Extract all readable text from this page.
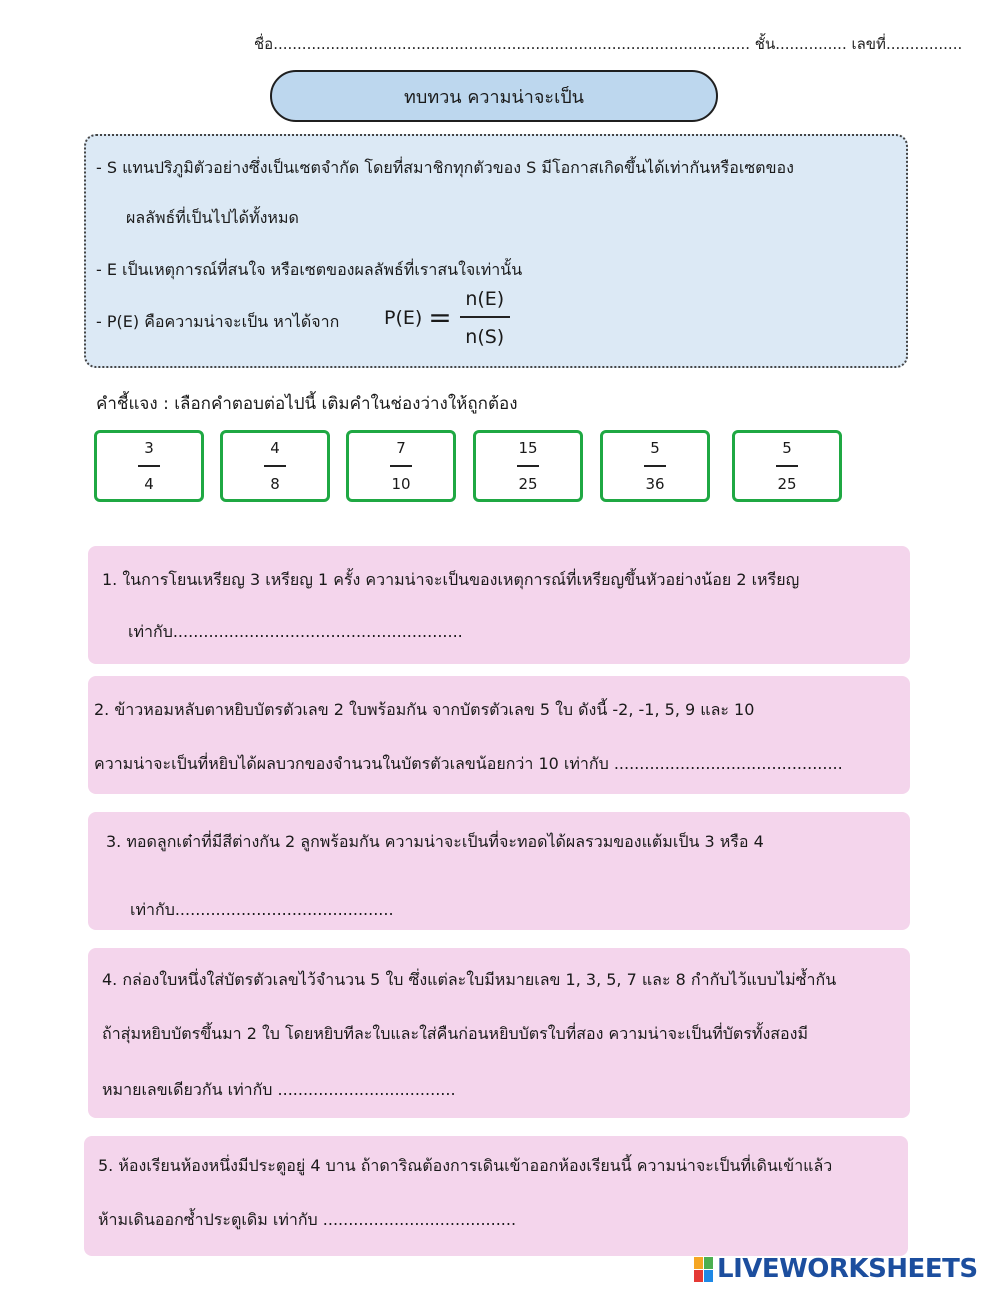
ชื่อ.................................................................................................... ชั้น............... เลขที่................
ทบทวน ความน่าจะเป็น
- S แทนปริภูมิตัวอย่างซึ่งเป็นเซตจำกัด โดยที่สมาชิกทุกตัวของ S มีโอกาสเกิดขึ้นได้เท่ากันหรือเซตของ
ผลลัพธ์ที่เป็นไปได้ทั้งหมด
- E เป็นเหตุการณ์ที่สนใจ หรือเซตของผลลัพธ์ที่เราสนใจเท่านั้น
- P(E) คือความน่าจะเป็น หาได้จาก $P(E) = \frac{n(E)}{n(S)}$
คำชี้แจง : เลือกคำตอบต่อไปนี้ เติมคำในช่องว่างให้ถูกต้อง
3
4
4
8
7
10
15
25
5
36
5
25
1. ในการโยนเหรียญ 3 เหรียญ 1 ครั้ง ความน่าจะเป็นของเหตุการณ์ที่เหรียญขึ้นหัวอย่างน้อย 2 เหรียญ
เท่ากับ.........................................................
2. ข้าวหอมหลับตาหยิบบัตรตัวเลข 2 ใบพร้อมกัน จากบัตรตัวเลข 5 ใบ ดังนี้ -2, -1, 5, 9 และ 10
ความน่าจะเป็นที่หยิบได้ผลบวกของจำนวนในบัตรตัวเลขน้อยกว่า 10 เท่ากับ .............................................
3. ทอดลูกเต๋าที่มีสีต่างกัน 2 ลูกพร้อมกัน ความน่าจะเป็นที่จะทอดได้ผลรวมของแต้มเป็น 3 หรือ 4
เท่ากับ...........................................
4. กล่องใบหนึ่งใส่บัตรตัวเลขไว้จำนวน 5 ใบ ซึ่งแต่ละใบมีหมายเลข 1, 3, 5, 7 และ 8 กำกับไว้แบบไม่ซ้ำกัน
ถ้าสุ่มหยิบบัตรขึ้นมา 2 ใบ โดยหยิบทีละใบและใส่คืนก่อนหยิบบัตรใบที่สอง ความน่าจะเป็นที่บัตรทั้งสองมี
หมายเลขเดียวกัน เท่ากับ ...................................
5. ห้องเรียนห้องหนึ่งมีประตูอยู่ 4 บาน ถ้าดาริณต้องการเดินเข้าออกห้องเรียนนี้ ความน่าจะเป็นที่เดินเข้าแล้ว
ห้ามเดินออกซ้ำประตูเดิม เท่ากับ ......................................
LIVEWORKSHEETS
